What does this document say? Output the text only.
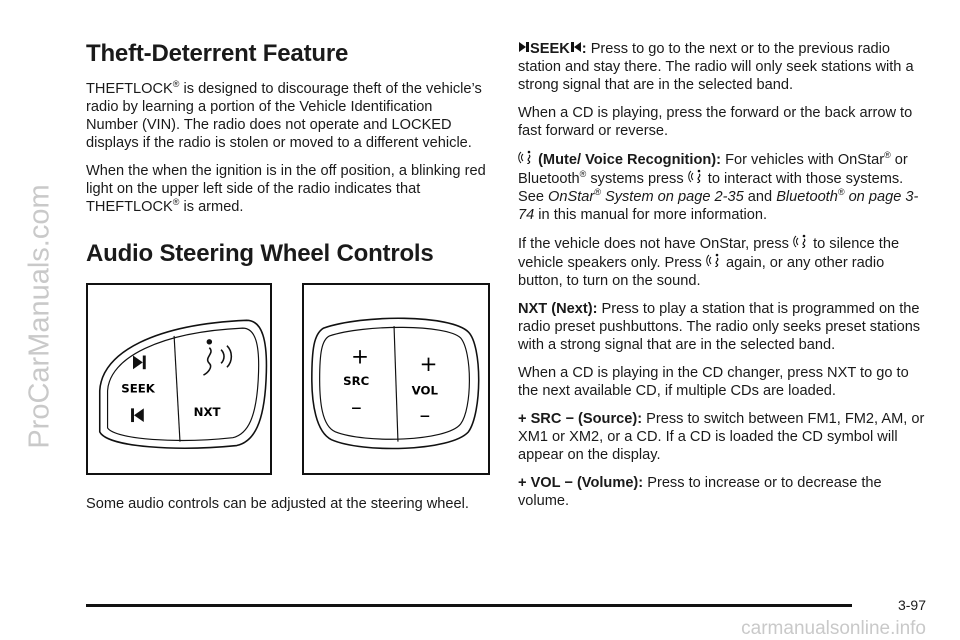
ProCarManuals.com
Theft-Deterrent Feature

THEFTLOCK® is designed to discourage theft of the vehicle’s radio by learning a portion of the Vehicle Identification Number (VIN). The radio does not operate and LOCKED displays if the radio is stolen or moved to a different vehicle.

When the when the ignition is in the off position, a blinking red light on the upper left side of the radio indicates that THEFTLOCK® is armed.

Audio Steering Wheel Controls
SEEK
NXT
+
SRC
–
+
VOL
–

Some audio controls can be adjusted at the steering wheel.

SEEK : Press to go to the next or to the previous radio station and stay there. The radio will only seek stations with a strong signal that are in the selected band.

When a CD is playing, press the forward or the back arrow to fast forward or reverse.

(Mute/ Voice Recognition): For vehicles with OnStar® or Bluetooth® systems press to interact with those systems. See OnStar® System on page 2-35 and Bluetooth® on page 3-74 in this manual for more information.

If the vehicle does not have OnStar, press to silence the vehicle speakers only. Press again, or any other radio button, to turn on the sound.

NXT (Next): Press to play a station that is programmed on the radio preset pushbuttons. The radio only seeks preset stations with a strong signal that are in the selected band.

When a CD is playing in the CD changer, press NXT to go to the next available CD, if multiple CDs are loaded.

+ SRC − (Source): Press to switch between FM1, FM2, AM, or XM1 or XM2, or a CD. If a CD is loaded the CD symbol will appear on the display.

+ VOL − (Volume): Press to increase or to decrease the volume.

3-97
carmanualsonline.info
